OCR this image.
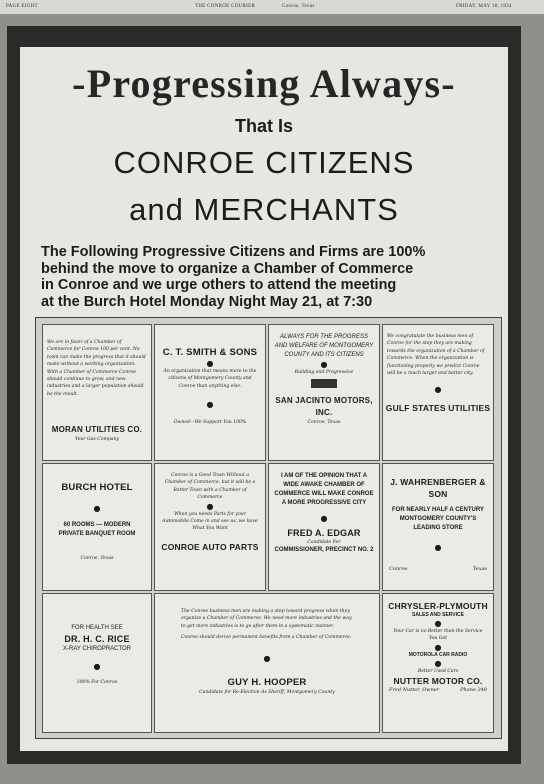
PAGE EIGHT	THE CONROE COURIER	Conroe, Texas	FRIDAY, MAY 18, 1934
-Progressing Always-
That Is
CONROE CITIZENS
and MERCHANTS
The Following Progressive Citizens and Firms are 100%
behind the move to organize a Chamber of Commerce
in Conroe and we urge others to attend the meeting
at the Burch Hotel Monday Night May 21, at 7:30
We are in favor of a Chamber of Commerce for Conroe 100 per cent. No town can make the progress that it should make without a working organization. With a Chamber of Commerce Conroe should continue to grow, and new industries and a larger population should be the result.
MORAN UTILITIES CO.
Your Gas Company
C. T. SMITH & SONS
●
An organization that means more to the citizens of Montgomery County and Conroe than anything else.
●
Owned—We Support You 100%
ALWAYS FOR THE PROGRESS AND WELFARE OF MONTGOMERY COUNTY AND ITS CITIZENS
●
Building and Progressive
SAN JACINTO MOTORS, INC.
Conroe, Texas
We congratulate the business men of Conroe for the step they are making towards the organization of a Chamber of Commerce. When the organization is functioning properly we predict Conroe will be a much larger and better city.
●
GULF STATES UTILITIES
BURCH HOTEL
●
60 ROOMS — MODERN
PRIVATE BANQUET ROOM
Conroe, Texas
Conroe is a Good Town Without a Chamber of Commerce, but it will be a Better Town with a Chamber of Commerce
●
When you needs Parts for your Automobile Come in and see us, we have What You Want
CONROE AUTO PARTS
I AM OF THE OPINION THAT A WIDE AWAKE CHAMBER OF COMMERCE WILL MAKE CONROE A MORE PROGRESSIVE CITY
●
FRED A. EDGAR
Candidate For
COMMISSIONER, PRECINCT NO. 2
J. WAHRENBERGER & SON
FOR NEARLY HALF A CENTURY MONTGOMERY COUNTY'S LEADING STORE
●
Conroe	Texas
FOR HEALTH SEE
DR. H. C. RICE
X-RAY CHIROPRACTOR
●
100% For Conroe
The Conroe business men are making a step toward progress when they organize a Chamber of Commerce. We need more industries and the way to get more industries is to go after them in a systematic manner.
Conroe should derive permanent benefits from a Chamber of Commerce.
●
GUY H. HOOPER
Candidate for Re-Election As Sheriff, Montgomery County
CHRYSLER-PLYMOUTH
SALES AND SERVICE
●
Your Car is no Better than the Service You Get
●
MOTOROLA CAR RADIO
●
Better Used Cars
NUTTER MOTOR CO.
Fred Nutter, Owner	Phone 340
